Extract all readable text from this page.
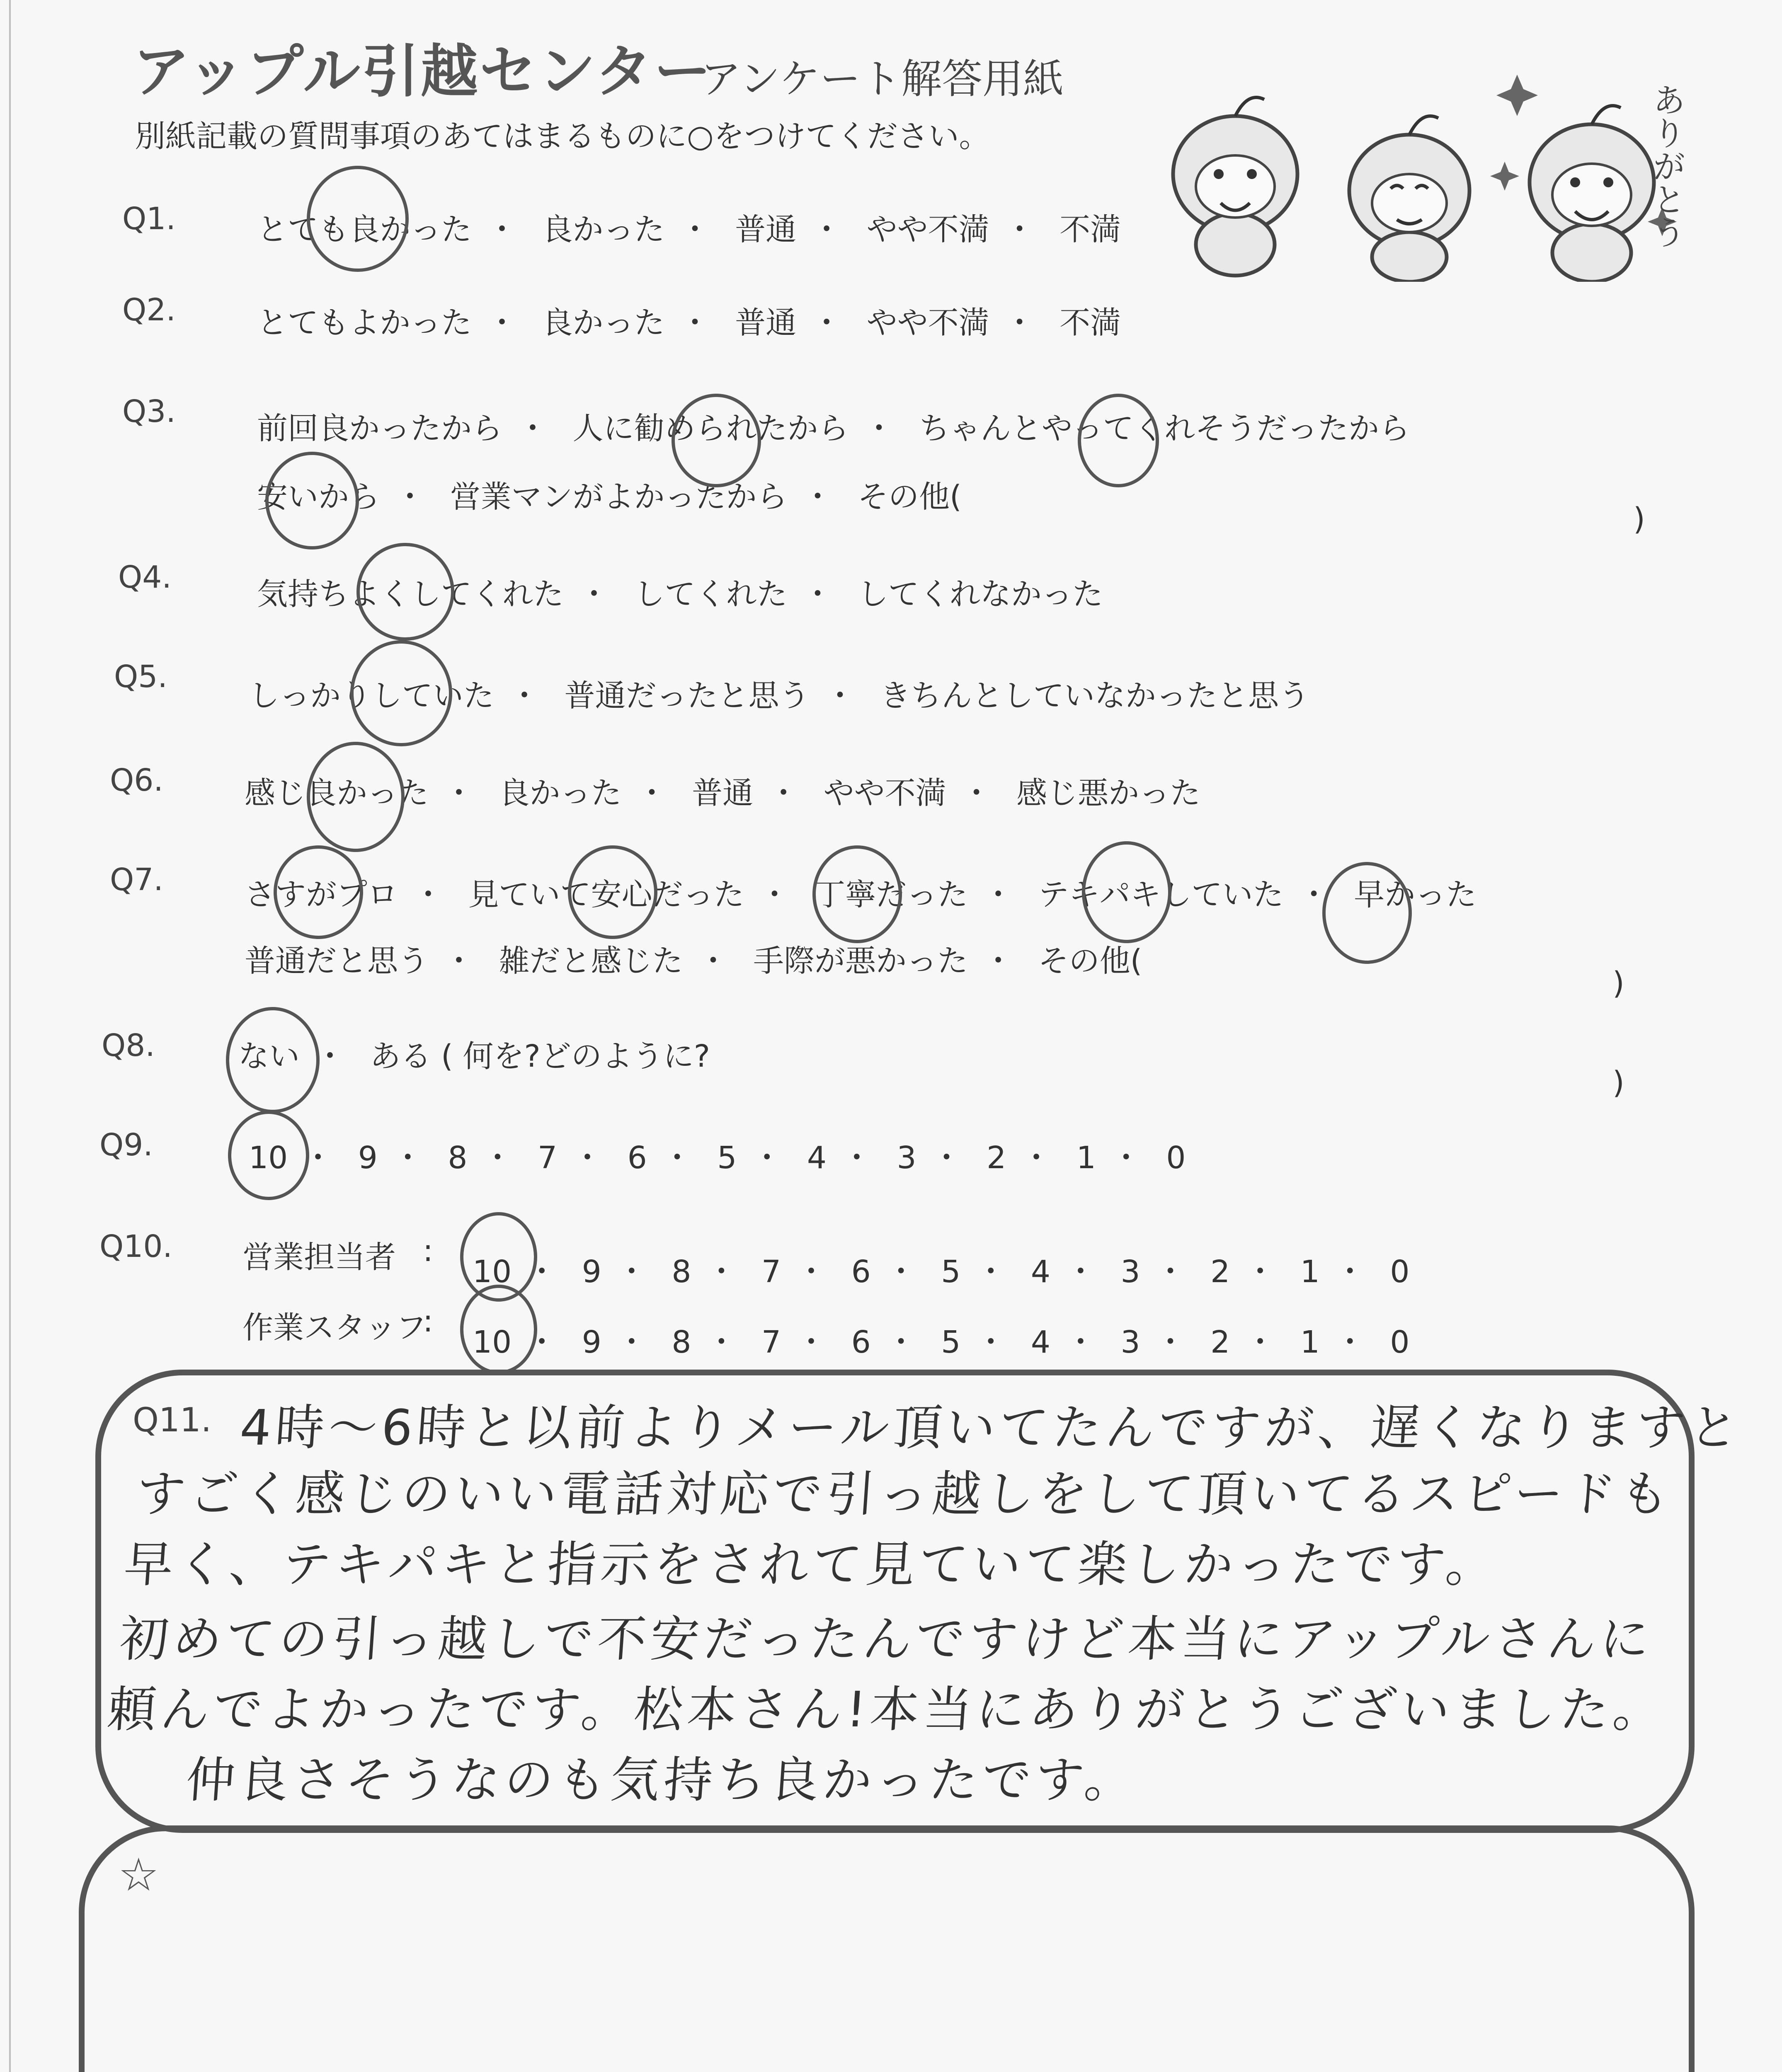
アップル引越センター
アンケート解答用紙
別紙記載の質問事項のあてはまるものに○をつけてください。	ありがとう
Q1.	とても良かった ・ 良かった ・ 普通 ・ やや不満 ・ 不満
Q2.	とてもよかった ・ 良かった ・ 普通 ・ やや不満 ・ 不満
Q3.	前回良かったから ・ 人に勧められたから ・ ちゃんとやってくれそうだったから
安いから ・ 営業マンがよかったから ・ その他(
)
Q4.	気持ちよくしてくれた ・ してくれた ・ してくれなかった
Q5.
しっかりしていた ・ 普通だったと思う ・ きちんとしていなかったと思う
Q6.	感じ良かった ・ 良かった ・ 普通 ・ やや不満 ・ 感じ悪かった
Q7.	さすがプロ ・ 見ていて安心だった ・ 丁寧だった ・ テキパキしていた ・ 早かった
普通だと思う ・ 雑だと感じた ・ 手際が悪かった ・ その他(
)
Q8.	ない ・ ある ( 何を?どのように?
)
Q9.	10 ・ 9 ・ 8 ・ 7 ・ 6 ・ 5 ・ 4 ・ 3 ・ 2 ・ 1 ・ 0
Q10. 営業担当者 :
10 ・ 9 ・ 8 ・ 7 ・ 6 ・ 5 ・ 4 ・ 3 ・ 2 ・ 1 ・ 0
作業スタッフ
:
10 ・ 9 ・ 8 ・ 7 ・ 6 ・ 5 ・ 4 ・ 3 ・ 2 ・ 1 ・ 0
Q11. 4時〜6時と以前よりメール頂いてたんですが、遅くなりますと
すごく感じのいい電話対応で引っ越しをして頂いてるスピードも
早く、テキパキと指示をされて見ていて楽しかったです。
初めての引っ越しで不安だったんですけど本当にアップルさんに
頼んでよかったです。松本さん!本当にありがとうございました。
仲良さそうなのも気持ち良かったです。
☆
